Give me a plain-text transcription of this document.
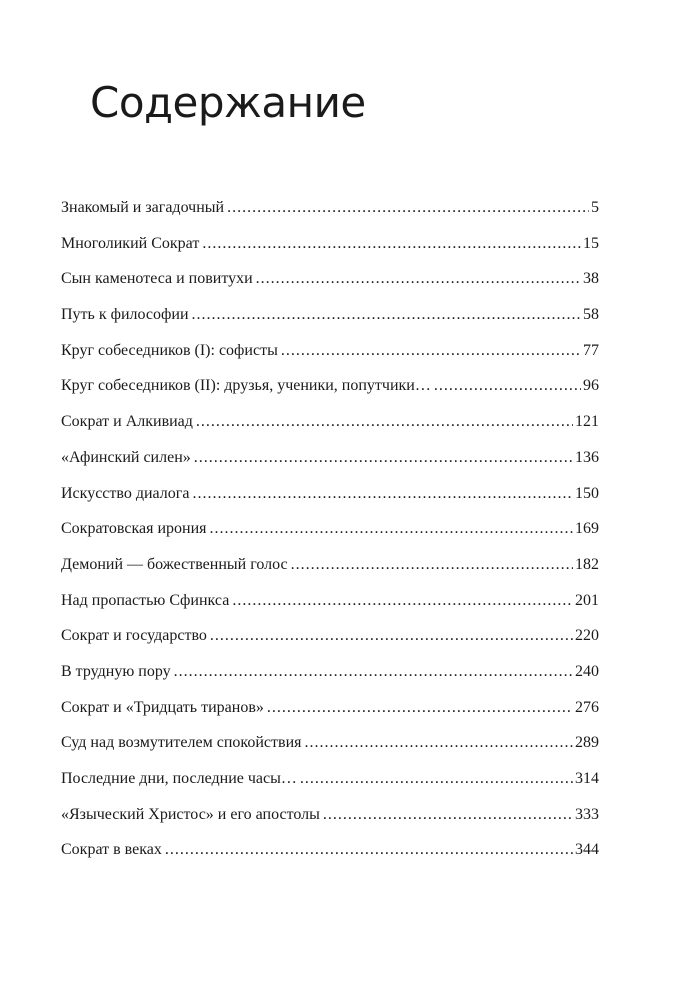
Содержание
Знакомый и загадочный .....	5
Многоликий Сократ .....	15
Сын каменотеса и повитухи .....	38
Путь к философии .....	58
Круг собеседников (I): софисты .....	77
Круг собеседников (II): друзья, ученики, попутчики… .....	96
Сократ и Алкивиад .....	121
«Афинский силен» .....	136
Искусство диалога .....	150
Сократовская ирония .....	169
Демоний — божественный голос .....	182
Над пропастью Сфинкса .....	201
Сократ и государство .....	220
В трудную пору .....	240
Сократ и «Тридцать тиранов» .....	276
Суд над возмутителем спокойствия .....	289
Последние дни, последние часы… .....	314
«Языческий Христос» и его апостолы .....	333
Сократ в веках .....	344
